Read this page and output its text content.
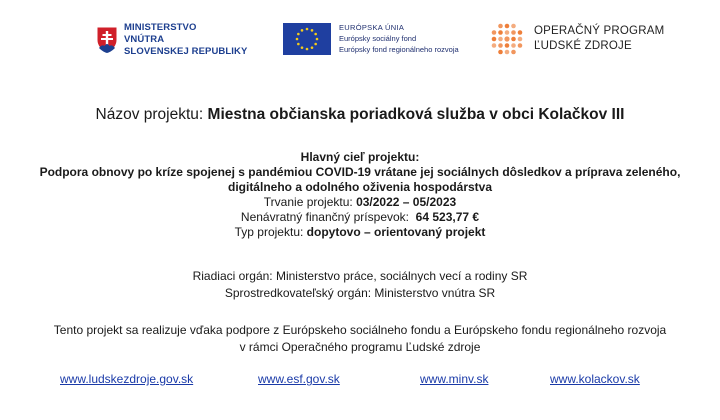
MINISTERSTVO
VNÚTRA
SLOVENSKEJ REPUBLIKY
EURÓPSKA ÚNIA
Európsky sociálny fond
Európsky fond regionálneho rozvoja
OPERAČNÝ PROGRAM
ĽUDSKÉ ZDROJE
Názov projektu: Miestna občianska poriadková služba v obci Kolačkov III
Hlavný cieľ projektu:
Podpora obnovy po kríze spojenej s pandémiou COVID-19 vrátane jej sociálnych dôsledkov a príprava zeleného,
digitálneho a odolného oživenia hospodárstva
Trvanie projektu: 03/2022 – 05/2023
Nenávratný finančný príspevok: 64 523,77 €
Typ projektu: dopytovo – orientovaný projekt
Riadiaci orgán: Ministerstvo práce, sociálnych vecí a rodiny SR
Sprostredkovateľský orgán: Ministerstvo vnútra SR
Tento projekt sa realizuje vďaka podpore z Európskeho sociálneho fondu a Európskeho fondu regionálneho rozvoja
v rámci Operačného programu Ľudské zdroje
www.ludskezdroje.gov.sk	www.esf.gov.sk	www.minv.sk	www.kolackov.sk
